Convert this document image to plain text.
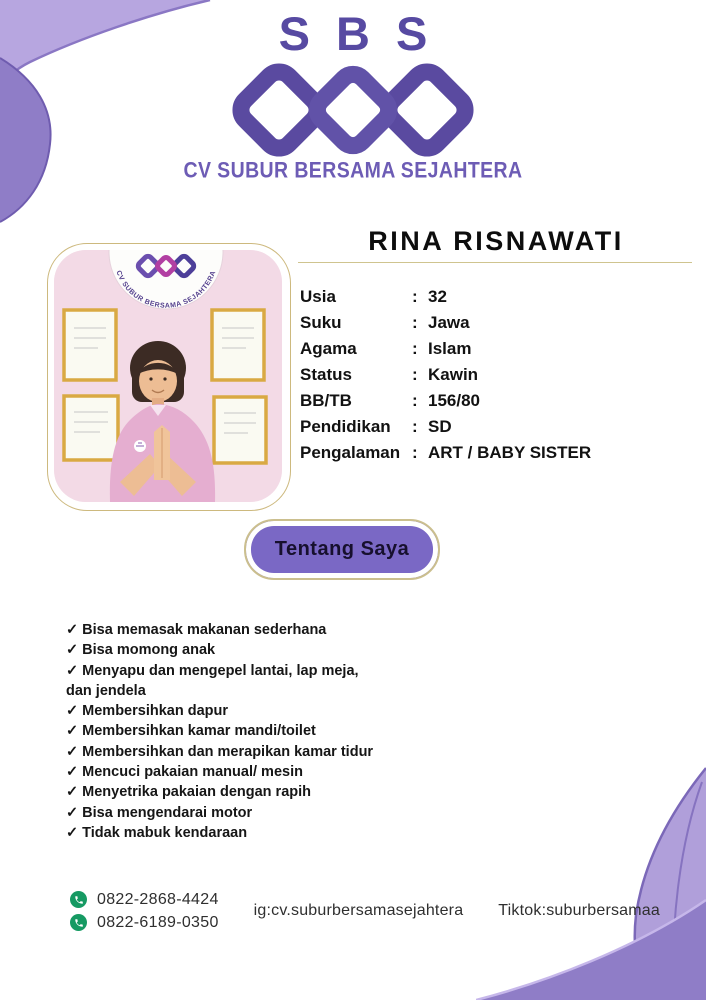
SBS
CV SUBUR BERSAMA SEJAHTERA
CV SUBUR BERSAMA SEJAHTERA
RINA RISNAWATI
Usia	: 32
Suku	: Jawa
Agama	: Islam
Status	: Kawin
BB/TB	: 156/80
Pendidikan	: SD
Pengalaman : ART / BABY SISTER
Tentang Saya
✓ Bisa memasak makanan sederhana
✓ Bisa momong anak
✓ Menyapu dan mengepel lantai, lap meja, dan jendela
✓ Membersihkan dapur
✓ Membersihkan kamar mandi/toilet
✓ Membersihkan dan merapikan kamar tidur
✓ Mencuci pakaian manual/ mesin
✓ Menyetrika pakaian dengan rapih
✓ Bisa mengendarai motor
✓ Tidak mabuk kendaraan
0822-2868-4424
0822-6189-0350
ig:cv.suburbersamasejahtera Tiktok:suburbersamaa
